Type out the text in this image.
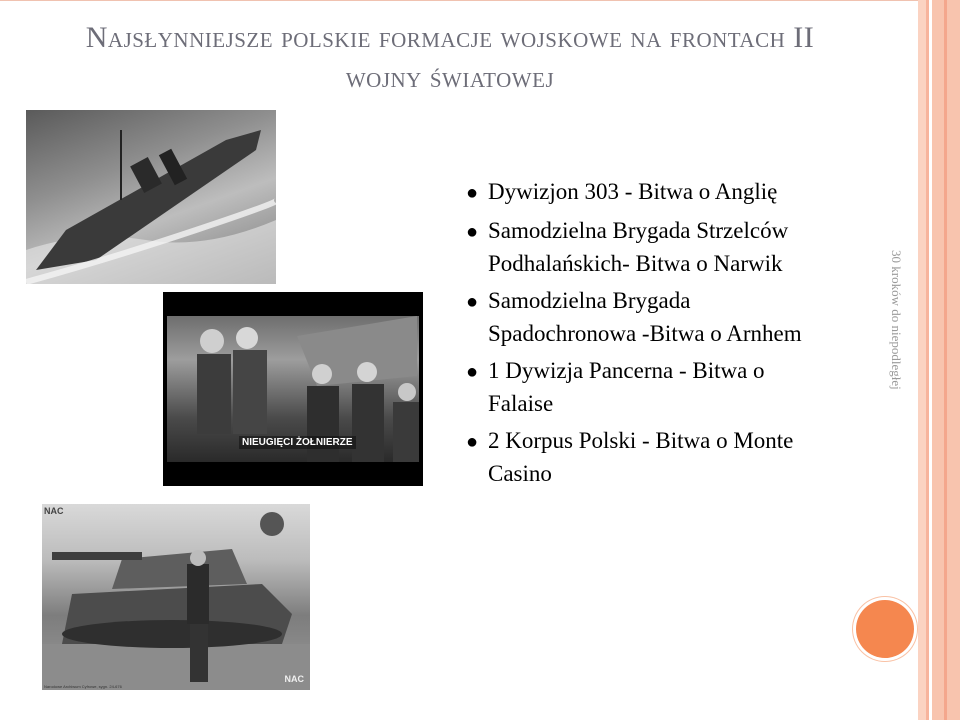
Najsłynniejsze polskie formacje wojskowe na frontach II wojny światowej
30 kroków do niepodległej
NIEUGIĘCI ŻOŁNIERZE
NAC
NAC
Narodowe Archiwum Cyfrowe, sygn. 24-676
● Dywizjon 303 - Bitwa o Anglię
● Samodzielna Brygada Strzelców Podhalańskich- Bitwa o Narwik
● Samodzielna Brygada Spadochronowa -Bitwa o Arnhem
● 1 Dywizja Pancerna - Bitwa o Falaise
● 2 Korpus Polski - Bitwa o Monte Casino
